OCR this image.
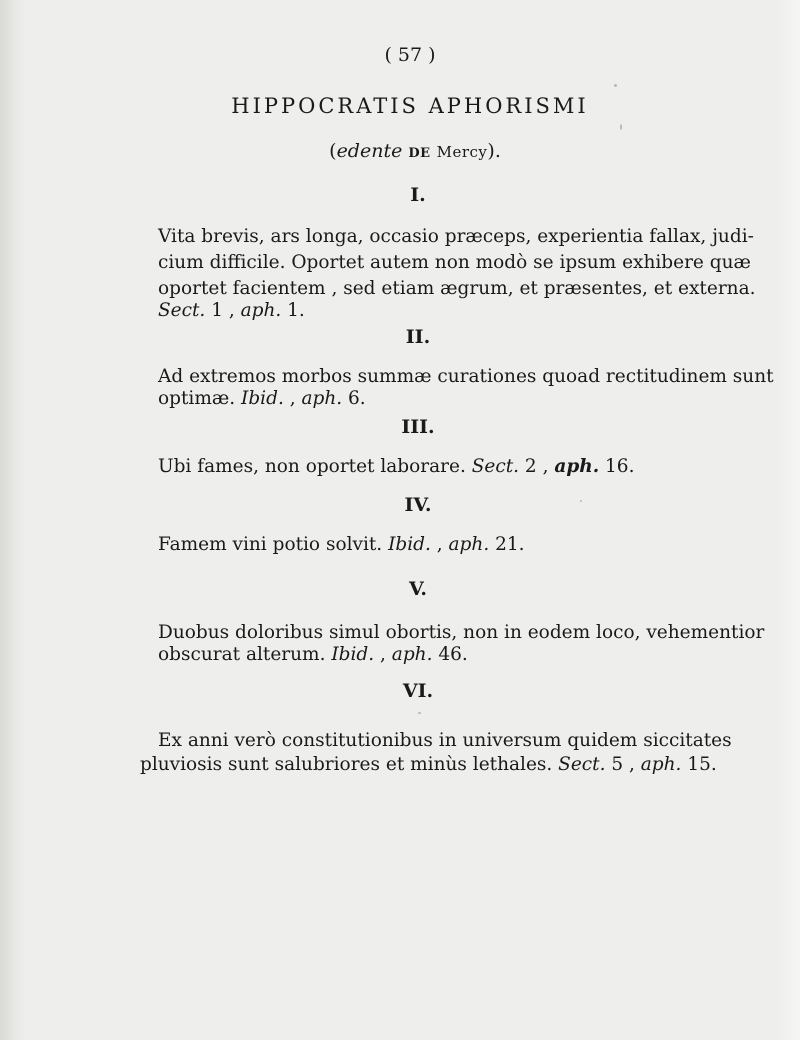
( 57 )
HIPPOCRATIS APHORISMI
(edente DE Mercy).
I.
Vita brevis, ars longa, occasio præceps, experientia fallax, judi-
cium difficile. Oportet autem non modò se ipsum exhibere quæ
oportet facientem , sed etiam ægrum, et præsentes, et externa.
Sect. 1 , aph. 1.
II.
Ad extremos morbos summæ curationes quoad rectitudinem sunt
optimæ. Ibid. , aph. 6.
III.
Ubi fames, non oportet laborare. Sect. 2 , aph. 16.
IV.
Famem vini potio solvit. Ibid. , aph. 21.
V.
Duobus doloribus simul obortis, non in eodem loco, vehementior
obscurat alterum. Ibid. , aph. 46.
VI.
Ex anni verò constitutionibus in universum quidem siccitates
pluviosis sunt salubriores et minùs lethales. Sect. 5 , aph. 15.
